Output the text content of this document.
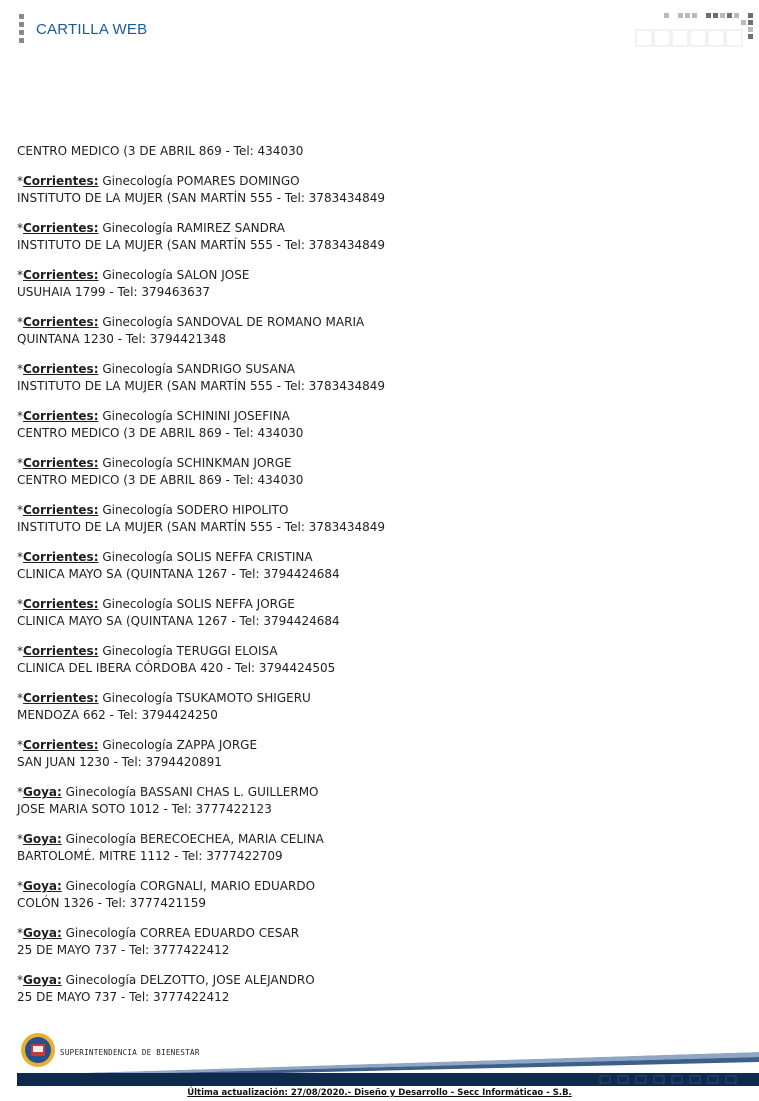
CARTILLA WEB
CENTRO MEDICO (3 DE ABRIL 869 - Tel: 434030
*Corrientes: Ginecología POMARES DOMINGO
INSTITUTO DE LA MUJER (SAN MARTÍN 555 - Tel: 3783434849
*Corrientes: Ginecología RAMIREZ SANDRA
INSTITUTO DE LA MUJER (SAN MARTÍN 555 - Tel: 3783434849
*Corrientes: Ginecología SALON JOSE
USUHAIA 1799 - Tel: 379463637
*Corrientes: Ginecología SANDOVAL DE ROMANO MARIA
QUINTANA 1230 - Tel: 3794421348
*Corrientes: Ginecología SANDRIGO SUSANA
INSTITUTO DE LA MUJER (SAN MARTÍN 555 - Tel: 3783434849
*Corrientes: Ginecología SCHININI JOSEFINA
CENTRO MEDICO (3 DE ABRIL 869 - Tel: 434030
*Corrientes: Ginecología SCHINKMAN JORGE
CENTRO MEDICO (3 DE ABRIL 869 - Tel: 434030
*Corrientes: Ginecología SODERO HIPOLITO
INSTITUTO DE LA MUJER (SAN MARTÍN 555 - Tel: 3783434849
*Corrientes: Ginecología SOLIS NEFFA CRISTINA
CLINICA MAYO SA (QUINTANA 1267 - Tel: 3794424684
*Corrientes: Ginecología SOLIS NEFFA JORGE
CLINICA MAYO SA (QUINTANA 1267 - Tel: 3794424684
*Corrientes: Ginecología TERUGGI ELOISA
CLINICA DEL IBERA CÓRDOBA 420 - Tel: 3794424505
*Corrientes: Ginecología TSUKAMOTO SHIGERU
MENDOZA 662 - Tel: 3794424250
*Corrientes: Ginecología ZAPPA JORGE
SAN JUAN 1230 - Tel: 3794420891
*Goya: Ginecología BASSANI CHAS L. GUILLERMO
JOSE MARIA SOTO 1012 - Tel: 3777422123
*Goya: Ginecología BERECOECHEA, MARIA CELINA
BARTOLOMÉ. MITRE 1112 - Tel: 3777422709
*Goya: Ginecología CORGNALI, MARIO EDUARDO
COLÓN 1326 - Tel: 3777421159
*Goya: Ginecología CORREA EDUARDO CESAR
25 DE MAYO 737 - Tel: 3777422412
*Goya: Ginecología DELZOTTO, JOSE ALEJANDRO
25 DE MAYO 737 - Tel: 3777422412
SUPERINTENDENCIA DE BIENESTAR
Última actualización: 27/08/2020.- Diseño y Desarrollo - Secc Informáticao - S.B.
